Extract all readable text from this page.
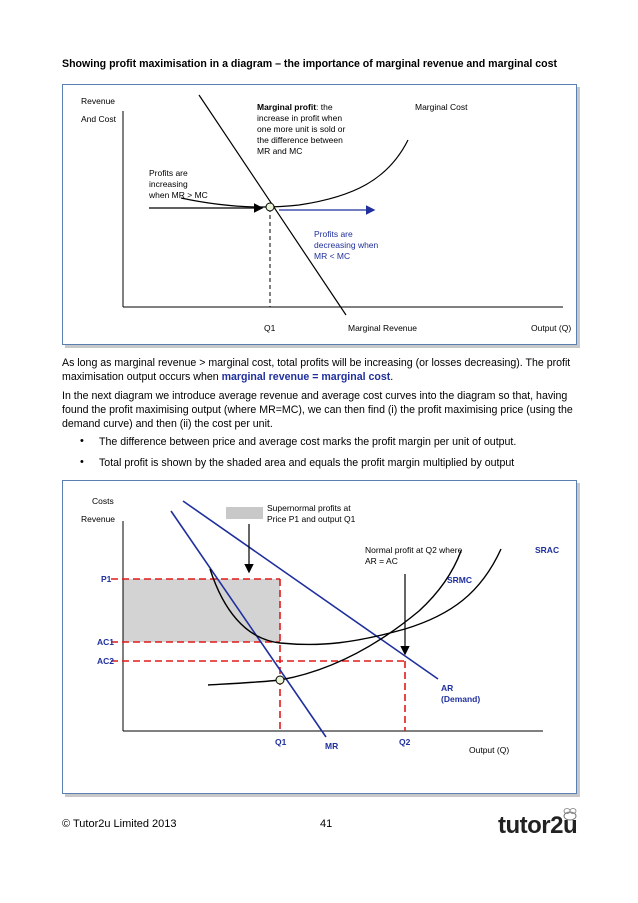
Showing profit maximisation in a diagram – the importance of marginal revenue and marginal cost
Revenue
And Cost
Marginal profit: the
increase in profit when
one more unit is sold or
the difference between
MR and MC
Marginal Cost
Profits are
increasing
when MR > MC
Profits are
decreasing when
MR < MC
Q1	Marginal Revenue	Output (Q)
As long as marginal revenue > marginal cost, total profits will be increasing (or losses decreasing). The profit maximisation output occurs when marginal revenue = marginal cost.
In the next diagram we introduce average revenue and average cost curves into the diagram so that, having found the profit maximising output (where MR=MC), we can then find (i) the profit maximising price (using the demand curve) and then (ii) the cost per unit.
• The difference between price and average cost marks the profit margin per unit of output.
• Total profit is shown by the shaded area and equals the profit margin multiplied by output
Costs
Revenue
Supernormal profits at
Price P1 and output Q1
Normal profit at Q2 where
AR = AC
SRAC
SRMC
P1
AC1
AC2
AR
(Demand)
Q1	MR	Q2
Output (Q)
© Tutor2u Limited 2013	41	tutor2u
